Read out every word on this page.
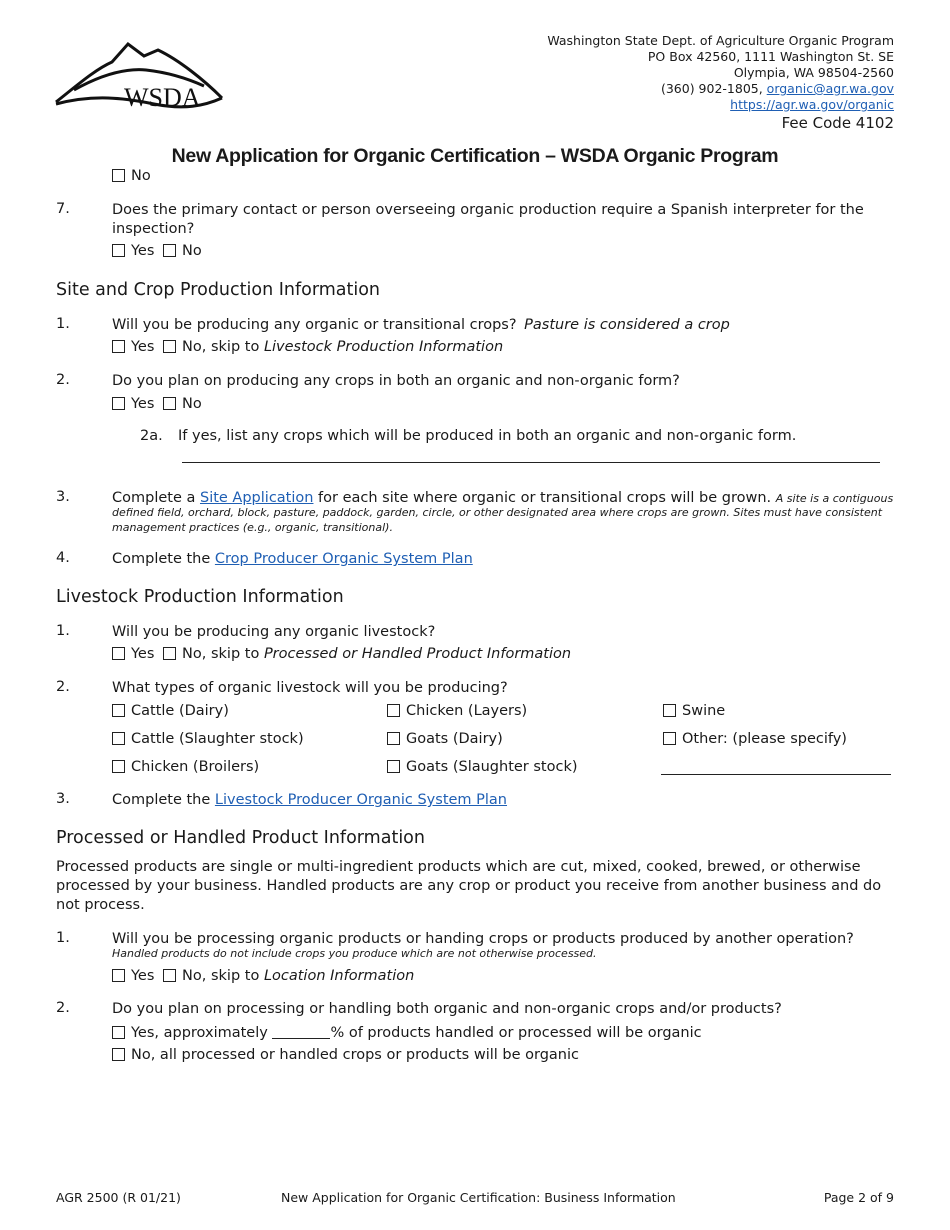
WSDA
Washington State Dept. of Agriculture Organic Program
PO Box 42560, 1111 Washington St. SE
Olympia, WA 98504-2560
(360) 902-1805, organic@agr.wa.gov
https://agr.wa.gov/organic
Fee Code 4102
New Application for Organic Certification – WSDA Organic Program
No
7.	Does the primary contact or person overseeing organic production require a Spanish interpreter for the inspection?
Yes No
Site and Crop Production Information
1.	Will you be producing any organic or transitional crops? Pasture is considered a crop
Yes No, skip to Livestock Production Information
2.	Do you plan on producing any crops in both an organic and non-organic form?
Yes No
2a. If yes, list any crops which will be produced in both an organic and non-organic form.
3.	Complete a Site Application for each site where organic or transitional crops will be grown. A site is a contiguous
defined field, orchard, block, pasture, paddock, garden, circle, or other designated area where crops are grown. Sites must have consistent
management practices (e.g., organic, transitional).
4.	Complete the Crop Producer Organic System Plan
Livestock Production Information
1.	Will you be producing any organic livestock?
Yes No, skip to Processed or Handled Product Information
2.	What types of organic livestock will you be producing?
Cattle (Dairy)	Chicken (Layers)	Swine
Cattle (Slaughter stock)	Goats (Dairy)	Other: (please specify)
Chicken (Broilers)	Goats (Slaughter stock)
3.	Complete the Livestock Producer Organic System Plan
Processed or Handled Product Information
Processed products are single or multi-ingredient products which are cut, mixed, cooked, brewed, or otherwise
processed by your business. Handled products are any crop or product you receive from another business and do
not process.
1.	Will you be processing organic products or handing crops or products produced by another operation?
Handled products do not include crops you produce which are not otherwise processed.
Yes No, skip to Location Information
2.	Do you plan on processing or handling both organic and non-organic crops and/or products?
Yes, approximately	% of products handled or processed will be organic
No, all processed or handled crops or products will be organic
AGR 2500 (R 01/21)	New Application for Organic Certification: Business Information	Page 2 of 9
